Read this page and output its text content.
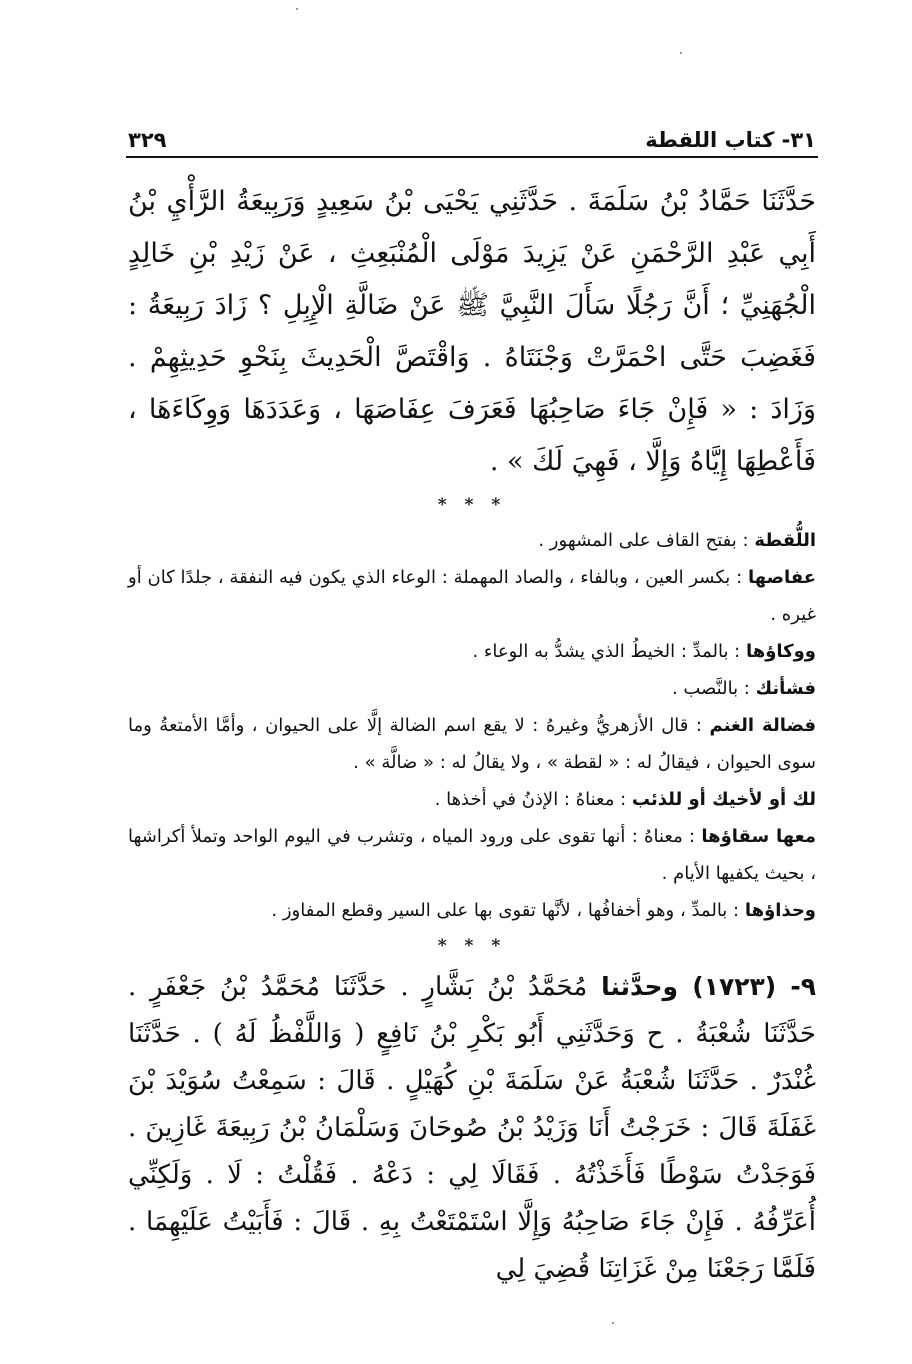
٣١- كتاب اللقطة
٣٢٩

حَدَّثَنَا حَمَّادُ بْنُ سَلَمَةَ . حَدَّثَنِي يَحْيَى بْنُ سَعِيدٍ وَرَبِيعَةُ الرَّأْيِ بْنُ أَبِي عَبْدِ الرَّحْمَنِ عَنْ يَزِيدَ مَوْلَى الْمُنْبَعِثِ ، عَنْ زَيْدِ بْنِ خَالِدٍ الْجُهَنِيِّ ؛ أَنَّ رَجُلًا سَأَلَ النَّبِيَّ ﷺ عَنْ ضَالَّةِ الْإِبِلِ ؟ زَادَ رَبِيعَةُ : فَغَضِبَ حَتَّى احْمَرَّتْ وَجْنَتَاهُ . وَاقْتَصَّ الْحَدِيثَ بِنَحْوِ حَدِيثِهِمْ . وَزَادَ : « فَإِنْ جَاءَ صَاحِبُهَا فَعَرَفَ عِفَاصَهَا ، وَعَدَدَهَا وَوِكَاءَهَا ، فَأَعْطِهَا إِيَّاهُ وَإِلَّا ، فَهِيَ لَكَ » .

* * *

اللُّقطة : بفتح القاف على المشهور .

عفاصها : بكسر العين ، وبالفاء ، والصاد المهملة : الوعاء الذي يكون فيه النفقة ، جلدًا كان أو غيره .

ووكاؤها : بالمدِّ : الخيطُ الذي يشدُّ به الوعاء .

فشأنك : بالنَّصب .

فضالة الغنم : قال الأزهريُّ وغيرهُ : لا يقع اسم الضالة إلَّا على الحيوان ، وأمَّا الأمتعةُ وما سوى الحيوان ، فيقالُ له : « لقطة » ، ولا يقالُ له : « ضالَّة » .

لك أو لأخيك أو للذئب : معناهُ : الإذنُ في أخذها .

معها سقاؤها : معناهُ : أنها تقوى على ورود المياه ، وتشرب في اليوم الواحد وتملأ أكراشها ، بحيث يكفيها الأيام .

وحذاؤها : بالمدِّ ، وهو أخفافُها ، لأنَّها تقوى بها على السير وقطع المفاوز .

* * *

٩- (١٧٢٣) وحدَّثنا مُحَمَّدُ بْنُ بَشَّارٍ . حَدَّثَنَا مُحَمَّدُ بْنُ جَعْفَرٍ . حَدَّثَنَا شُعْبَةُ . ح وَحَدَّثَنِي أَبُو بَكْرِ بْنُ نَافِعٍ ( وَاللَّفْظُ لَهُ ) . حَدَّثَنَا غُنْدَرٌ . حَدَّثَنَا شُعْبَةُ عَنْ سَلَمَةَ بْنِ كُهَيْلٍ . قَالَ : سَمِعْتُ سُوَيْدَ بْنَ غَفَلَةَ قَالَ : خَرَجْتُ أَنَا وَزَيْدُ بْنُ صُوحَانَ وَسَلْمَانُ بْنُ رَبِيعَةَ غَازِينَ . فَوَجَدْتُ سَوْطًا فَأَخَذْتُهُ . فَقَالَا لِي : دَعْهُ . فَقُلْتُ : لَا . وَلَكِنِّي أُعَرِّفُهُ . فَإِنْ جَاءَ صَاحِبُهُ وَإِلَّا اسْتَمْتَعْتُ بِهِ . قَالَ : فَأَبَيْتُ عَلَيْهِمَا . فَلَمَّا رَجَعْنَا مِنْ غَزَاتِنَا قُضِيَ لِي
